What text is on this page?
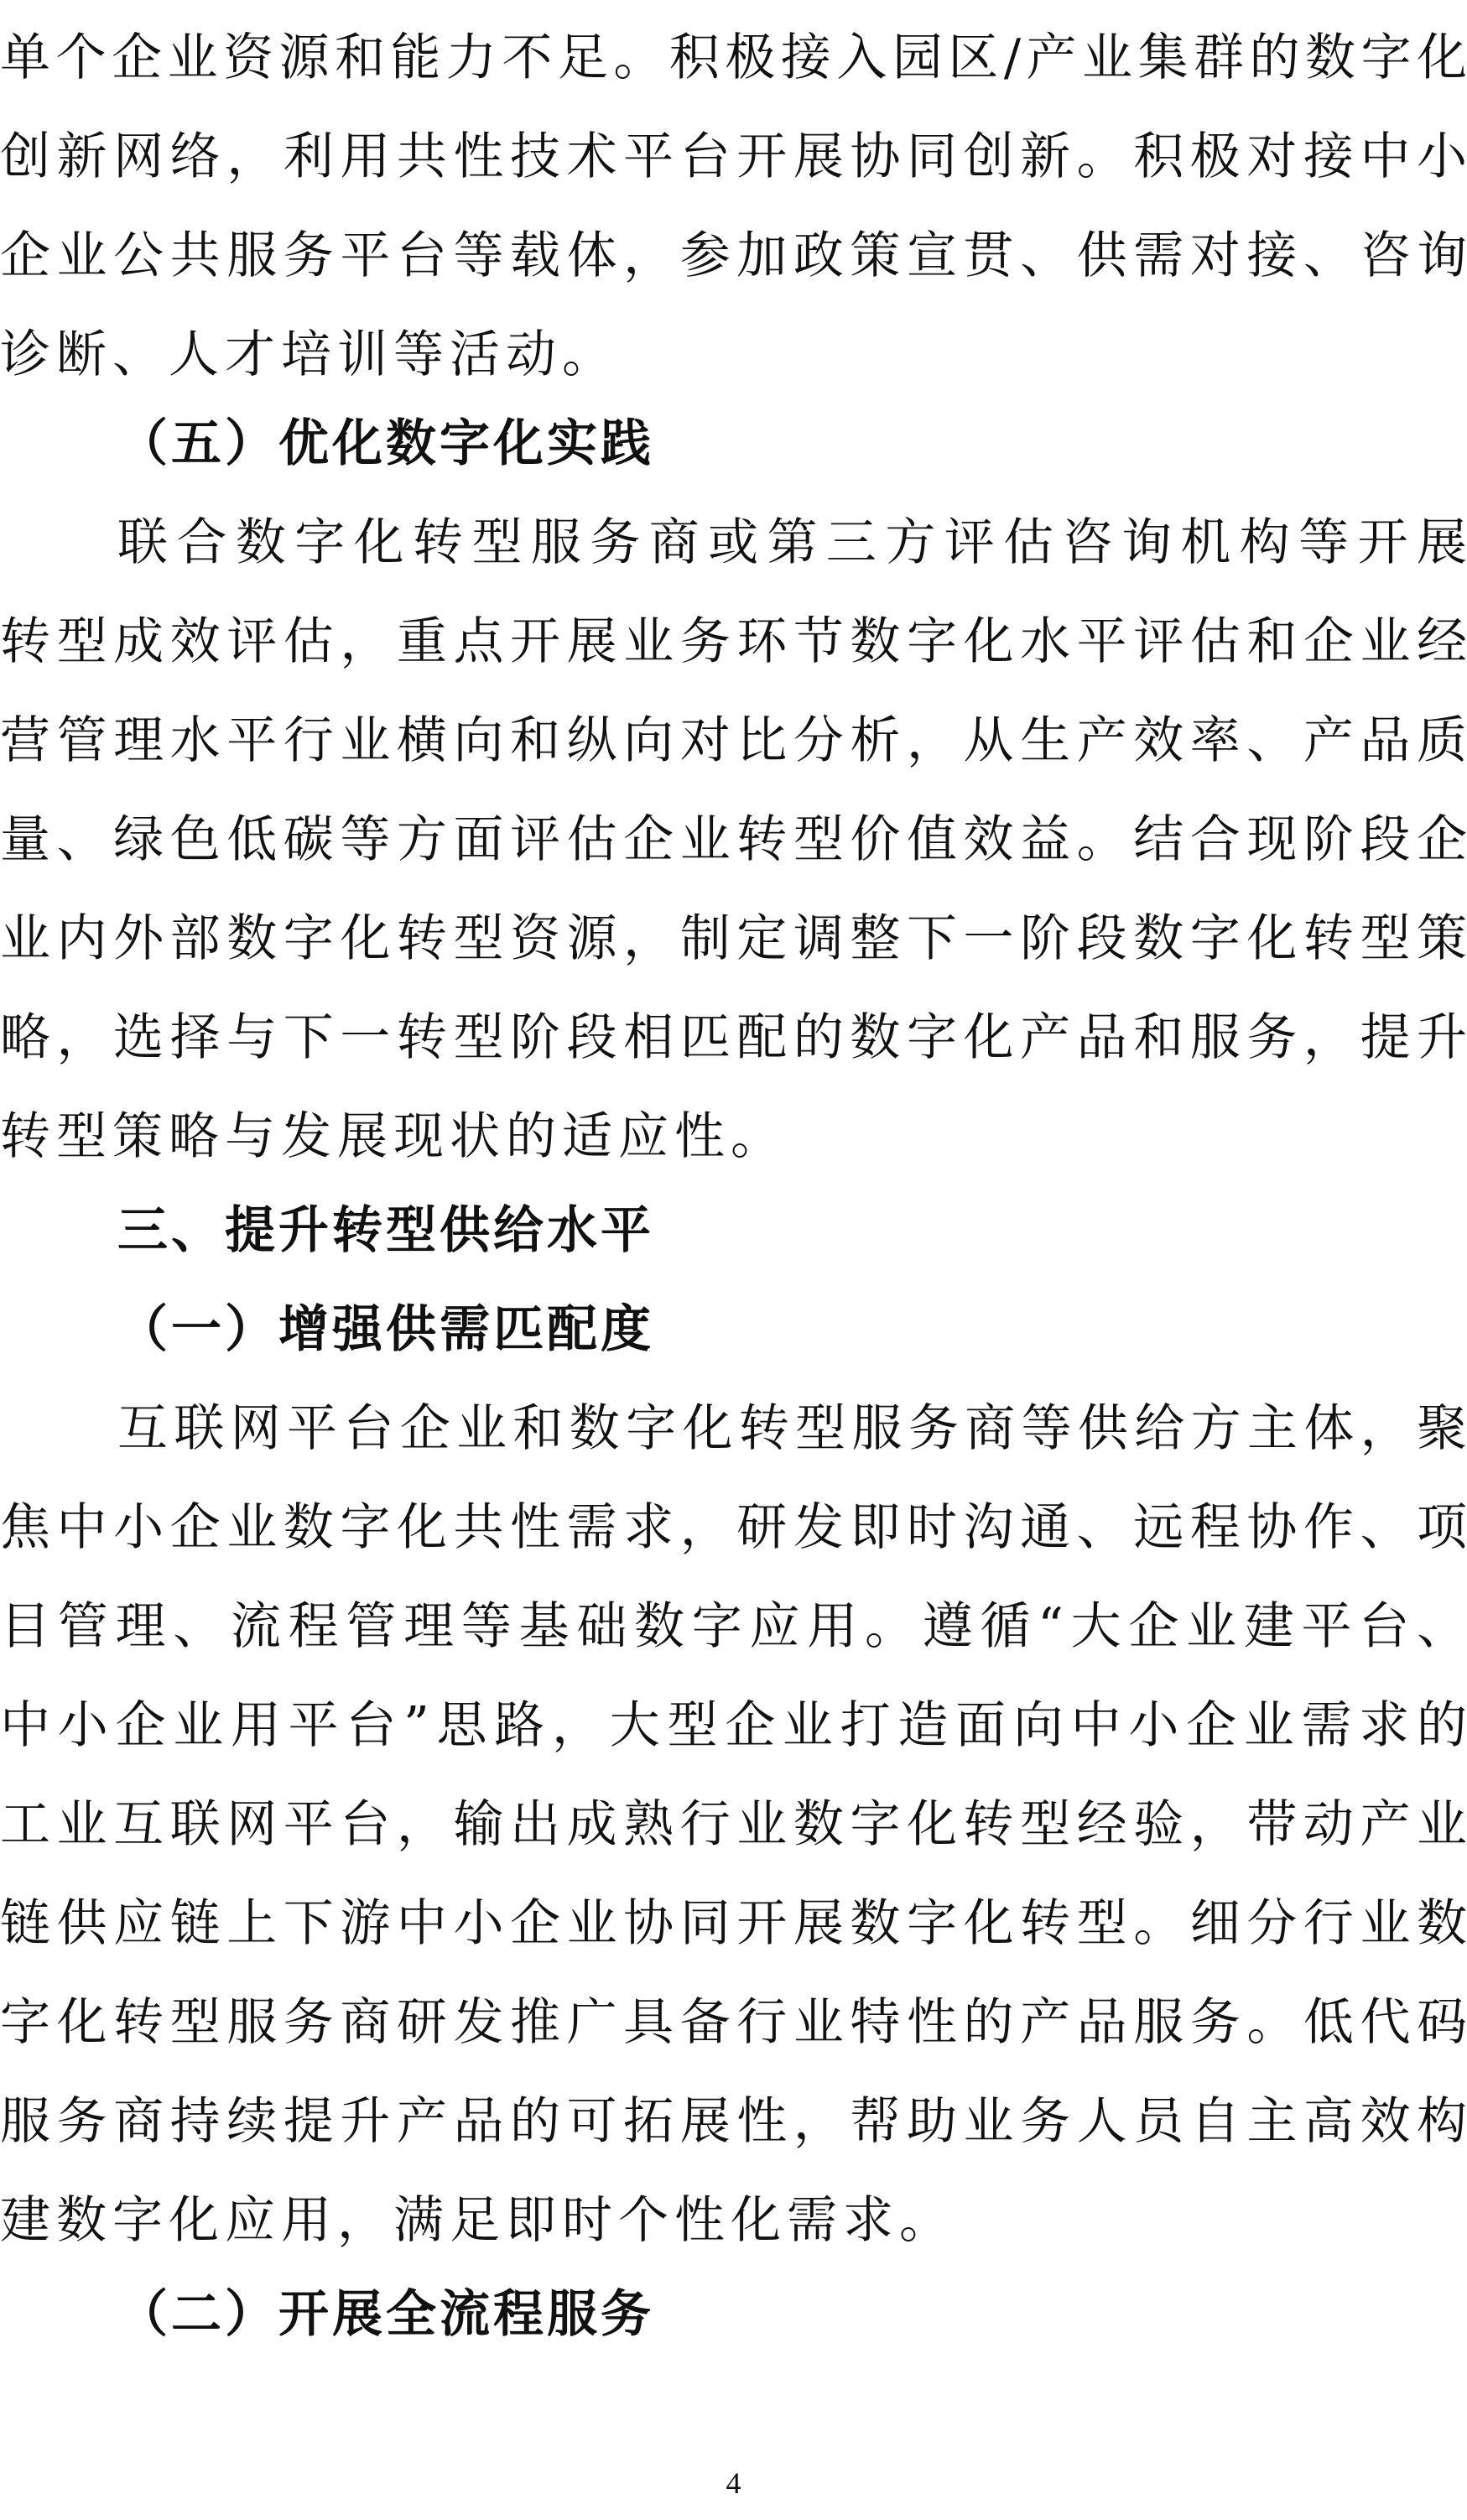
单个企业资源和能力不足。积极接入园区/产业集群的数字化
创新网络，利用共性技术平台开展协同创新。积极对接中小
企业公共服务平台等载体，参加政策宣贯、供需对接、咨询
诊断、人才培训等活动。
（五）优化数字化实践
联合数字化转型服务商或第三方评估咨询机构等开展
转型成效评估，重点开展业务环节数字化水平评估和企业经
营管理水平行业横向和纵向对比分析，从生产效率、产品质
量、绿色低碳等方面评估企业转型价值效益。结合现阶段企
业内外部数字化转型资源，制定调整下一阶段数字化转型策
略，选择与下一转型阶段相匹配的数字化产品和服务，提升
转型策略与发展现状的适应性。
三、提升转型供给水平
（一）增强供需匹配度
互联网平台企业和数字化转型服务商等供给方主体，聚
焦中小企业数字化共性需求，研发即时沟通、远程协作、项
目管理、流程管理等基础数字应用。遵循“大企业建平台、
中小企业用平台”思路，大型企业打造面向中小企业需求的
工业互联网平台，输出成熟行业数字化转型经验，带动产业
链供应链上下游中小企业协同开展数字化转型。细分行业数
字化转型服务商研发推广具备行业特性的产品服务。低代码
服务商持续提升产品的可拓展性，帮助业务人员自主高效构
建数字化应用，满足即时个性化需求。
（二）开展全流程服务
4
